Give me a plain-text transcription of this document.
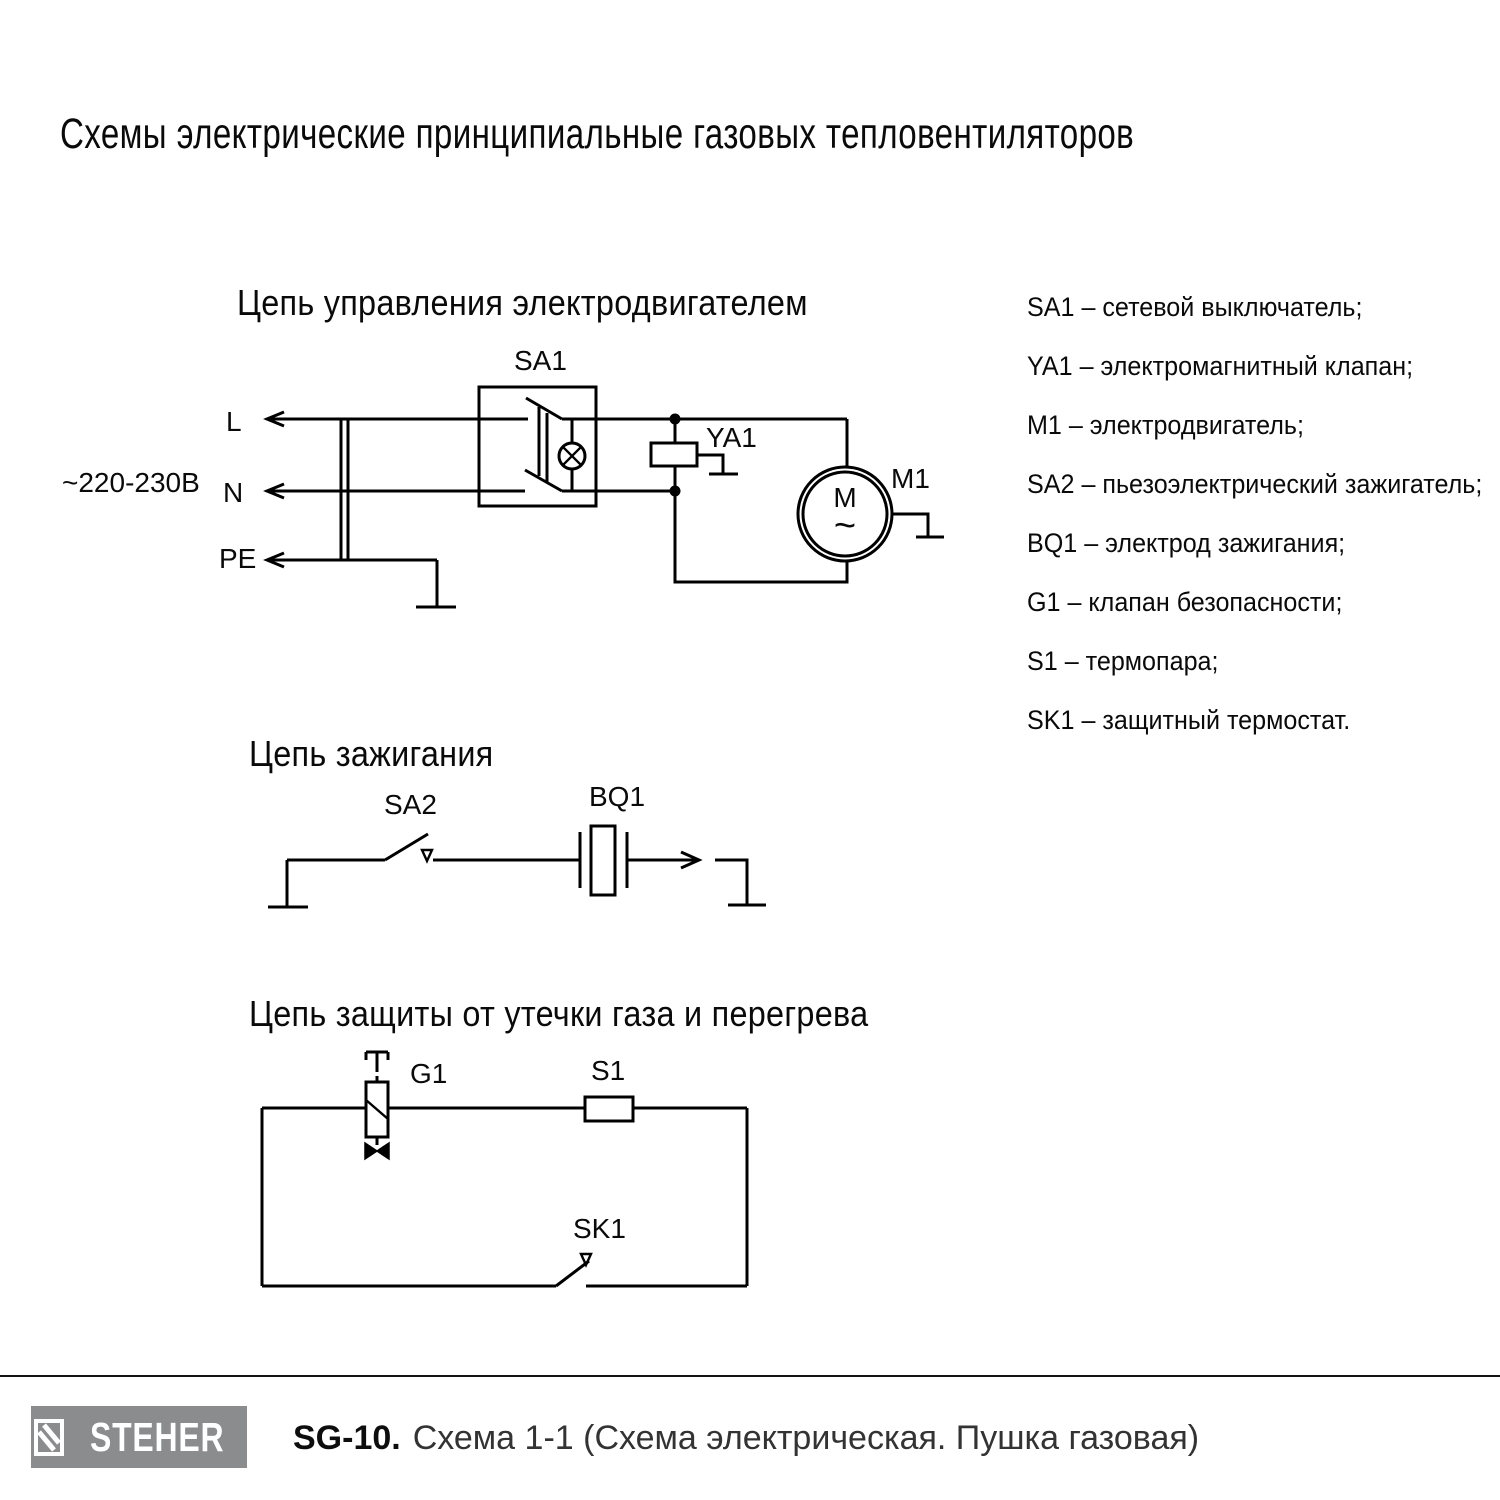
Схемы электрические принципиальные газовых тепловентиляторов
Цепь управления электродвигателем
Цепь зажигания
Цепь защиты от утечки газа и перегрева
~220-230В
L
N
PE
SA1
YA1
M1
M
~
SA2	BQ1
G1	S1
SK1
SA1 – сетевой выключатель;
YA1 – электромагнитный клапан;
M1 – электродвигатель;
SA2 – пьезоэлектрический зажигатель;
BQ1 – электрод зажигания;
G1 – клапан безопасности;
S1 – термопара;
SK1 – защитный термостат.
STEHER SG-10. Схема 1-1 (Схема электрическая. Пушка газовая)
